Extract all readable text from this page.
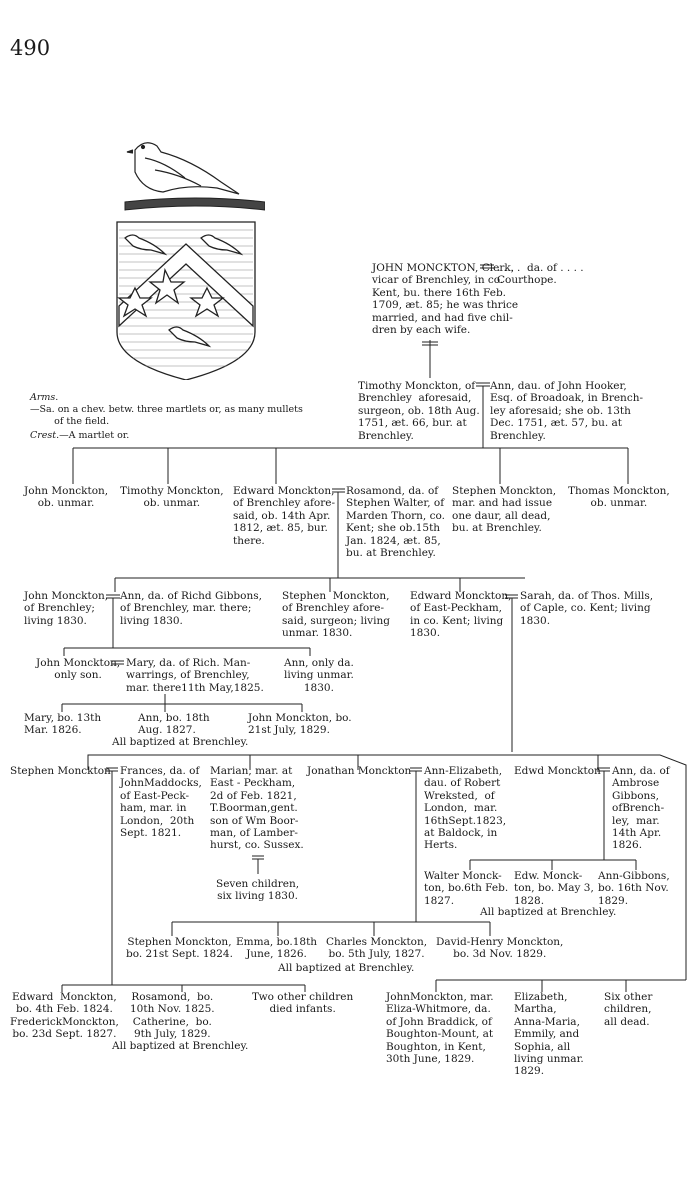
490
Arms.—Sa. on a chev. betw. three martlets or, as many mullets
of the field.
Crest.—A martlet or.
JOHN MONCKTON, Clerk,
vicar of Brenchley, in co.
Kent, bu. there 16th Feb.
1709, æt. 85; he was thrice
married, and had five chil-
dren by each wife.
. . . .  da. of . . . .
Courthope.
Timothy Monckton, of
Brenchley  aforesaid,
surgeon, ob. 18th Aug.
1751, æt. 66, bur. at
Brenchley.
Ann, dau. of John Hooker,
Esq. of Broadoak, in Brench-
ley aforesaid; she ob. 13th
Dec. 1751, æt. 57, bu. at
Brenchley.
John Monckton,
ob. unmar.
Timothy Monckton,
ob. unmar.
Edward Monckton,
of Brenchley afore-
said, ob. 14th Apr.
1812, æt. 85, bur.
there.
Rosamond, da. of
Stephen Walter, of
Marden Thorn, co.
Kent; she ob.15th
Jan. 1824, æt. 85,
bu. at Brenchley.
Stephen Monckton,
mar. and had issue
one daur, all dead,
bu. at Brenchley.
Thomas Monckton,
ob. unmar.
John Monckton,
of Brenchley;
living 1830.
Ann, da. of Richd Gibbons,
of Brenchley, mar. there;
living 1830.
Stephen  Monckton,
of Brenchley afore-
said, surgeon; living
unmar. 1830.
Edward Monckton,
of East-Peckham,
in co. Kent; living
1830.
Sarah, da. of Thos. Mills,
of Caple, co. Kent; living
1830.
John Monckton,
only son.
Mary, da. of Rich. Man-
warrings, of Brenchley,
mar. there11th May,1825.
Ann, only da.
living unmar.
1830.
Mary, bo. 13th
Mar. 1826.
Ann, bo. 18th
Aug. 1827.
John Monckton, bo.
21st July, 1829.
All baptized at Brenchley.
Stephen Monckton Frances, da. of
JohnMaddocks,
of East-Peck-
ham, mar. in
London,  20th
Sept. 1821.
Marian, mar. at
East - Peckham,
2d of Feb. 1821,
T.Boorman,gent.
son of Wm Boor-
man, of Lamber-
hurst, co. Sussex.
Jonathan Monckton Ann-Elizabeth,
dau. of Robert
Wreksted,  of
London,  mar.
16thSept.1823,
at Baldock, in
Herts.
Edwd Monckton Ann, da. of
Ambrose
Gibbons,
ofBrench-
ley,  mar.
14th Apr.
1826.
Seven children,
six living 1830.
Walter Monck-
ton, bo.6th Feb.
1827.
Edw. Monck-
ton, bo. May 3,
1828.
Ann-Gibbons,
bo. 16th Nov.
1829.
All baptized at Brenchley.
Stephen Monckton,
bo. 21st Sept. 1824.
Emma, bo.18th
June, 1826.
Charles Monckton,
bo. 5th July, 1827.
David-Henry Monckton,
bo. 3d Nov. 1829.
All baptized at Brenchley.
Edward  Monckton,
bo. 4th Feb. 1824.
FrederickMonckton,
bo. 23d Sept. 1827.
Rosamond,  bo.
10th Nov. 1825.
Catherine,  bo.
9th July, 1829.
Two other children
died infants.
All baptized at Brenchley.
JohnMonckton, mar.
Eliza-Whitmore, da.
of John Braddick, of
Boughton-Mount, at
Boughton, in Kent,
30th June, 1829.
Elizabeth,
Martha,
Anna-Maria,
Emmily, and
Sophia, all
living unmar.
1829.
Six other
children,
all dead.
